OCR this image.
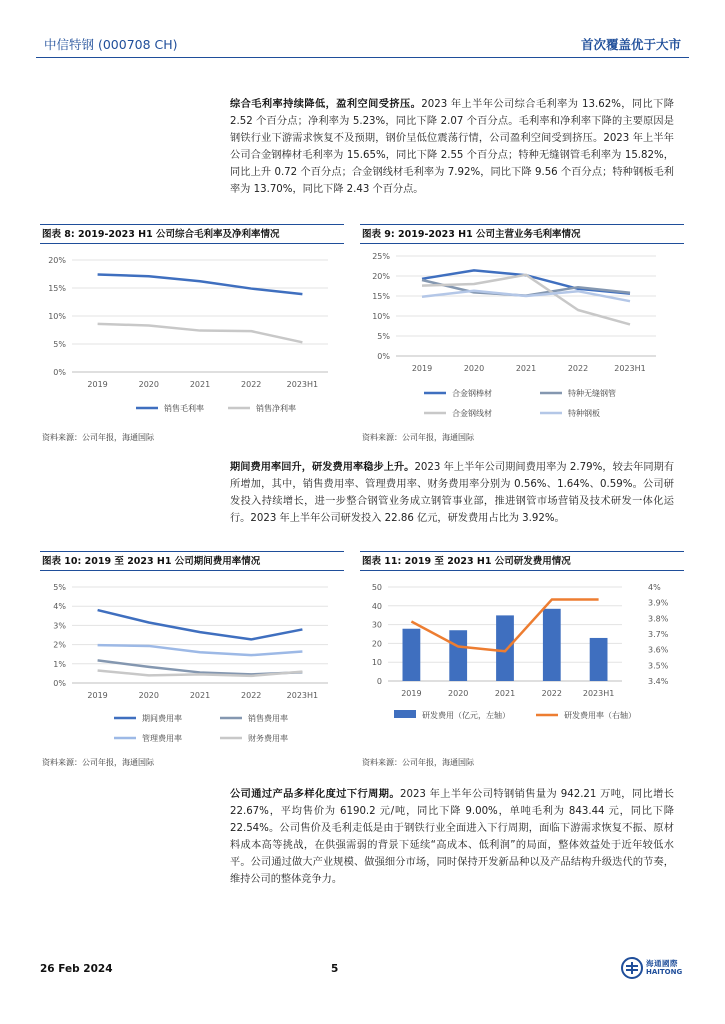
中信特钢 (000708 CH)	首次覆盖优于大市
综合毛利率持续降低，盈利空间受挤压。2023 年上半年公司综合毛利率为 13.62%，同比下降 2.52 个百分点；净利率为 5.23%，同比下降 2.07 个百分点。毛利率和净利率下降的主要原因是钢铁行业下游需求恢复不及预期，钢价呈低位震荡行情，公司盈利空间受到挤压。2023 年上半年公司合金钢棒材毛利率为 15.65%，同比下降 2.55 个百分点；特种无缝钢管毛利率为 15.82%，同比上升 0.72 个百分点；合金钢线材毛利率为 7.92%，同比下降 9.56 个百分点；特种钢板毛利率为 13.70%，同比下降 2.43 个百分点。
图表 8: 2019-2023 H1 公司综合毛利率及净利率情况
0%
5%
10%
15%
20%
2019	2020	2021	2022	2023H1
销售毛利率	销售净利率
资料来源：公司年报，海通国际
图表 9: 2019-2023 H1 公司主营业务毛利率情况
0%
5%
10%
15%
20%
25%
2019	2020	2021	2022	2023H1
合金钢棒材	特种无缝钢管
合金钢线材	特种钢板
资料来源：公司年报，海通国际
期间费用率回升，研发费用率稳步上升。2023 年上半年公司期间费用率为 2.79%，较去年同期有所增加，其中，销售费用率、管理费用率、财务费用率分别为 0.56%、1.64%、0.59%。公司研发投入持续增长，进一步整合钢管业务成立钢管事业部，推进钢管市场营销及技术研发一体化运行。2023 年上半年公司研发投入 22.86 亿元，研发费用占比为 3.92%。
图表 10: 2019 至 2023 H1 公司期间费用率情况
0%
1%
2%
3%
4%
5%
2019	2020	2021	2022	2023H1
期间费用率	销售费用率
管理费用率	财务费用率
资料来源：公司年报，海通国际
图表 11: 2019 至 2023 H1 公司研发费用情况
0
10
20
30
40
50
3.4%
3.5%
3.6%
3.7%
3.8%
3.9%
4%
2019	2020	2021	2022	2023H1
研发费用（亿元，左轴）	研发费用率（右轴）
资料来源：公司年报，海通国际
公司通过产品多样化度过下行周期。2023 年上半年公司特钢销售量为 942.21 万吨，同比增长 22.67%，平均售价为 6190.2 元/吨，同比下降 9.00%，单吨毛利为 843.44 元，同比下降 22.54%。公司售价及毛利走低是由于钢铁行业全面进入下行周期，面临下游需求恢复不振、原材料成本高等挑战，在供强需弱的背景下延续“高成本、低利润”的局面，整体效益处于近年较低水平。公司通过做大产业规模、做强细分市场，同时保持开发新品种以及产品结构升级迭代的节奏，维持公司的整体竞争力。
26 Feb 2024	5	海通國際
HAITONG
